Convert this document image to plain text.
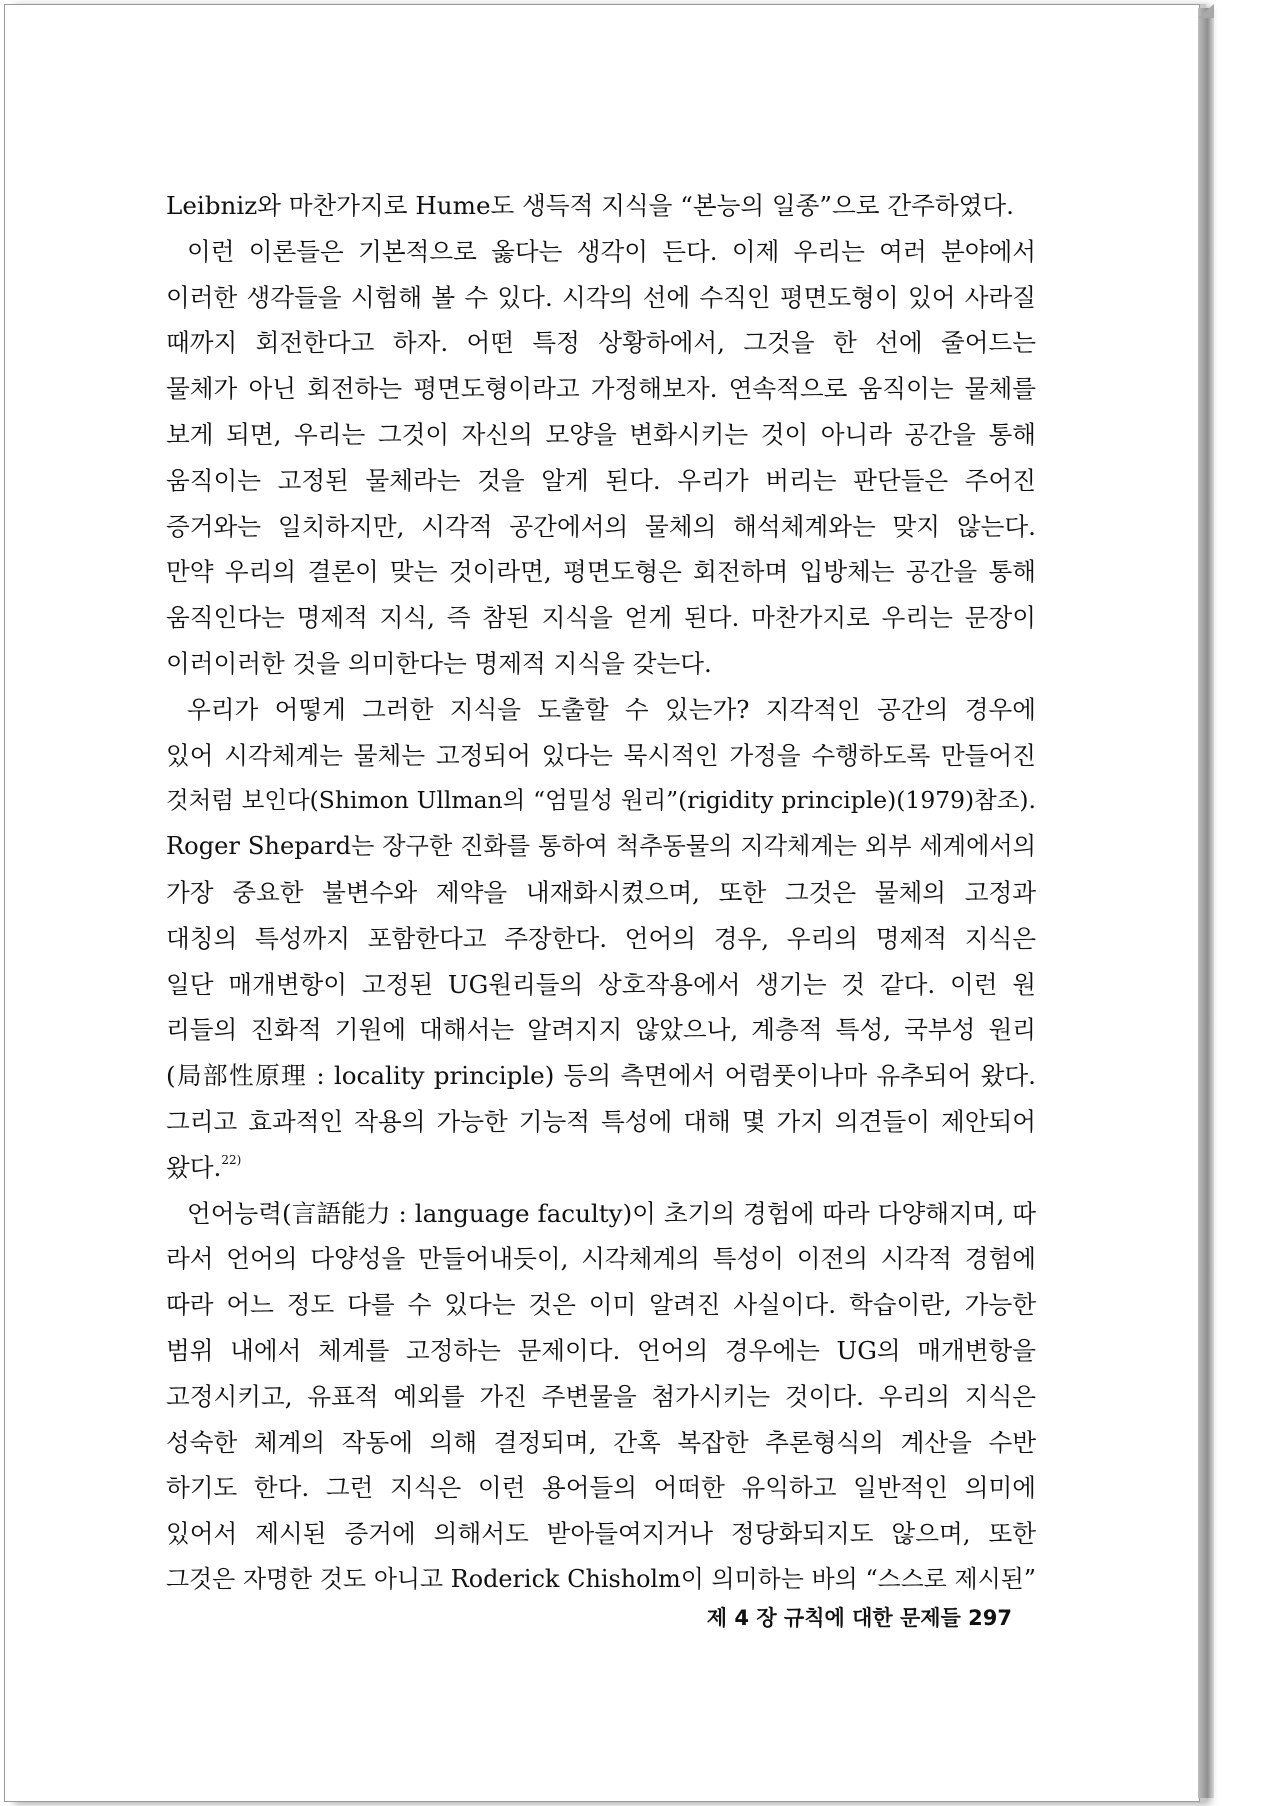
Leibniz와 마찬가지로 Hume도 생득적 지식을 “본능의 일종”으로 간주하였다.
이런 이론들은 기본적으로 옳다는 생각이 든다. 이제 우리는 여러 분야에서
이러한 생각들을 시험해 볼 수 있다. 시각의 선에 수직인 평면도형이 있어 사라질
때까지 회전한다고 하자. 어떤 특정 상황하에서, 그것을 한 선에 줄어드는
물체가 아닌 회전하는 평면도형이라고 가정해보자. 연속적으로 움직이는 물체를
보게 되면, 우리는 그것이 자신의 모양을 변화시키는 것이 아니라 공간을 통해
움직이는 고정된 물체라는 것을 알게 된다. 우리가 버리는 판단들은 주어진
증거와는 일치하지만, 시각적 공간에서의 물체의 해석체계와는 맞지 않는다.
만약 우리의 결론이 맞는 것이라면, 평면도형은 회전하며 입방체는 공간을 통해
움직인다는 명제적 지식, 즉 참된 지식을 얻게 된다. 마찬가지로 우리는 문장이
이러이러한 것을 의미한다는 명제적 지식을 갖는다.
우리가 어떻게 그러한 지식을 도출할 수 있는가? 지각적인 공간의 경우에
있어 시각체계는 물체는 고정되어 있다는 묵시적인 가정을 수행하도록 만들어진
것처럼 보인다(Shimon Ullman의 “엄밀성 원리”(rigidity principle)(1979)참조).
Roger Shepard는 장구한 진화를 통하여 척추동물의 지각체계는 외부 세계에서의
가장 중요한 불변수와 제약을 내재화시켰으며, 또한 그것은 물체의 고정과
대칭의 특성까지 포함한다고 주장한다. 언어의 경우, 우리의 명제적 지식은
일단 매개변항이 고정된 UG원리들의 상호작용에서 생기는 것 같다. 이런 원
리들의 진화적 기원에 대해서는 알려지지 않았으나, 계층적 특성, 국부성 원리
(局部性原理 : locality principle) 등의 측면에서 어렴풋이나마 유추되어 왔다.
그리고 효과적인 작용의 가능한 기능적 특성에 대해 몇 가지 의견들이 제안되어
왔다.$^{22)}$
언어능력(言語能力 : language faculty)이 초기의 경험에 따라 다양해지며, 따
라서 언어의 다양성을 만들어내듯이, 시각체계의 특성이 이전의 시각적 경험에
따라 어느 정도 다를 수 있다는 것은 이미 알려진 사실이다. 학습이란, 가능한
범위 내에서 체계를 고정하는 문제이다. 언어의 경우에는 UG의 매개변항을
고정시키고, 유표적 예외를 가진 주변물을 첨가시키는 것이다. 우리의 지식은
성숙한 체계의 작동에 의해 결정되며, 간혹 복잡한 추론형식의 계산을 수반
하기도 한다. 그런 지식은 이런 용어들의 어떠한 유익하고 일반적인 의미에
있어서 제시된 증거에 의해서도 받아들여지거나 정당화되지도 않으며, 또한
그것은 자명한 것도 아니고 Roderick Chisholm이 의미하는 바의 “스스로 제시된”
제 4 장 규칙에 대한 문제들 297
